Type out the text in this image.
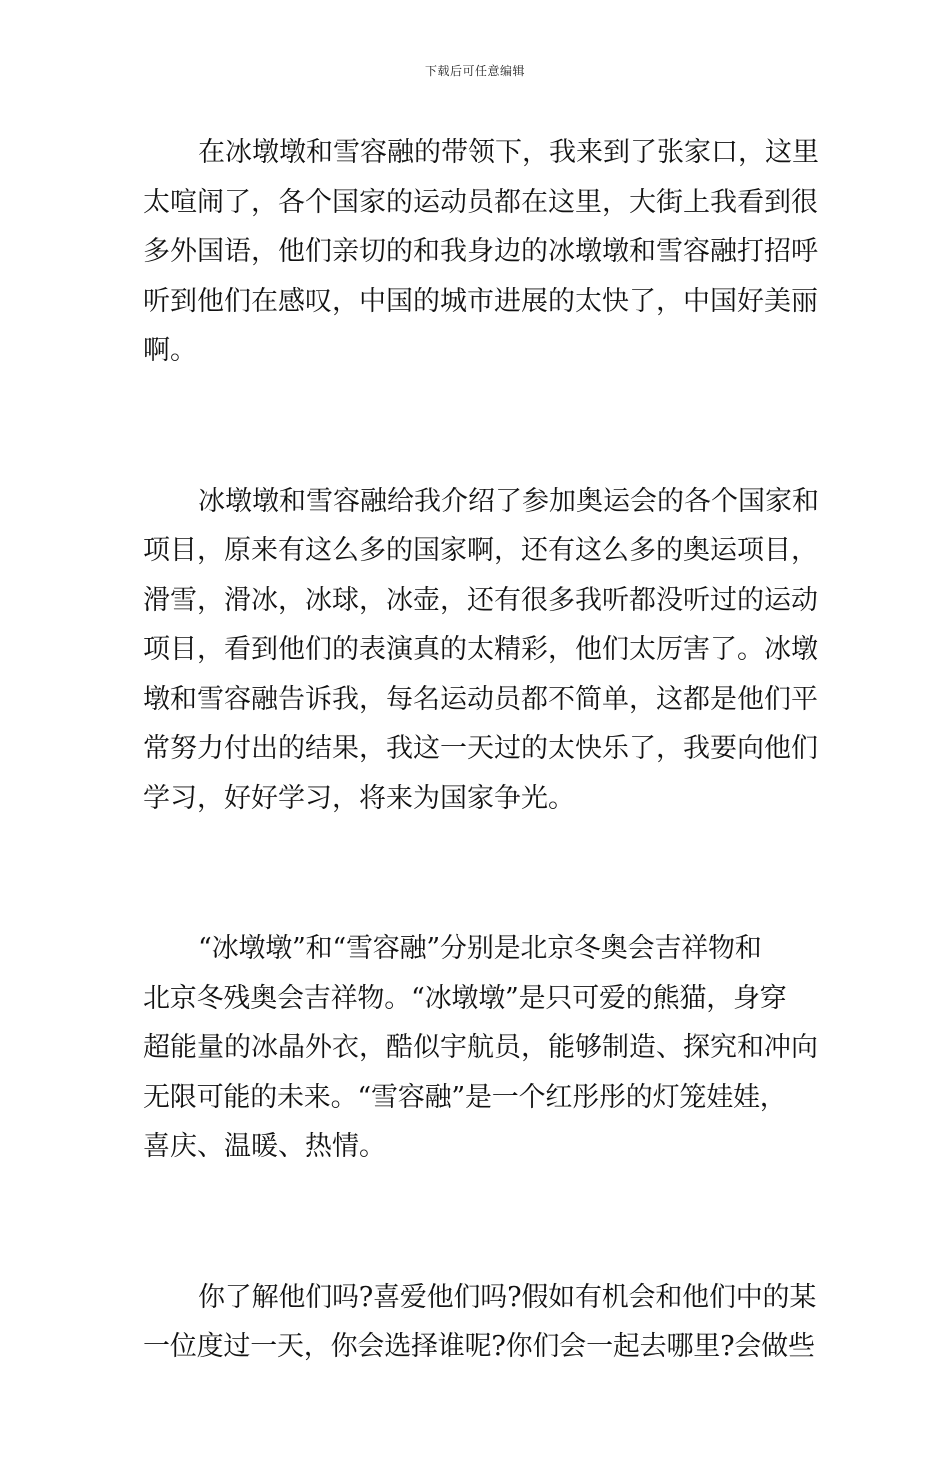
下载后可任意编辑
在冰墩墩和雪容融的带领下，我来到了张家口，这里
太喧闹了，各个国家的运动员都在这里，大街上我看到很
多外国语，他们亲切的和我身边的冰墩墩和雪容融打招呼
听到他们在感叹，中国的城市进展的太快了，中国好美丽
啊。
冰墩墩和雪容融给我介绍了参加奥运会的各个国家和
项目，原来有这么多的国家啊，还有这么多的奥运项目，
滑雪，滑冰，冰球，冰壶，还有很多我听都没听过的运动
项目，看到他们的表演真的太精彩，他们太厉害了。冰墩
墩和雪容融告诉我，每名运动员都不简单，这都是他们平
常努力付出的结果，我这一天过的太快乐了，我要向他们
学习，好好学习，将来为国家争光。
“冰墩墩”和“雪容融”分别是北京冬奥会吉祥物和
北京冬残奥会吉祥物。“冰墩墩”是只可爱的熊猫，身穿
超能量的冰晶外衣，酷似宇航员，能够制造、探究和冲向
无限可能的未来。“雪容融”是一个红彤彤的灯笼娃娃，
喜庆、温暖、热情。
你了解他们吗?喜爱他们吗?假如有机会和他们中的某
一位度过一天，你会选择谁呢?你们会一起去哪里?会做些
